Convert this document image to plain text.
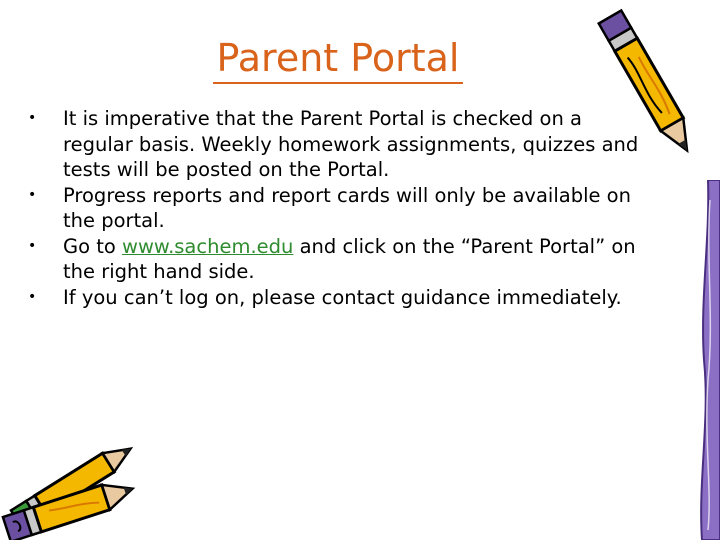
Parent Portal
•	It is imperative that the Parent Portal is checked on a regular basis. Weekly homework assignments, quizzes and tests will be posted on the Portal.
•	Progress reports and report cards will only be available on the portal.
•	Go to www.sachem.edu and click on the “Parent Portal” on the right hand side.
•	If you can’t log on, please contact guidance immediately.
